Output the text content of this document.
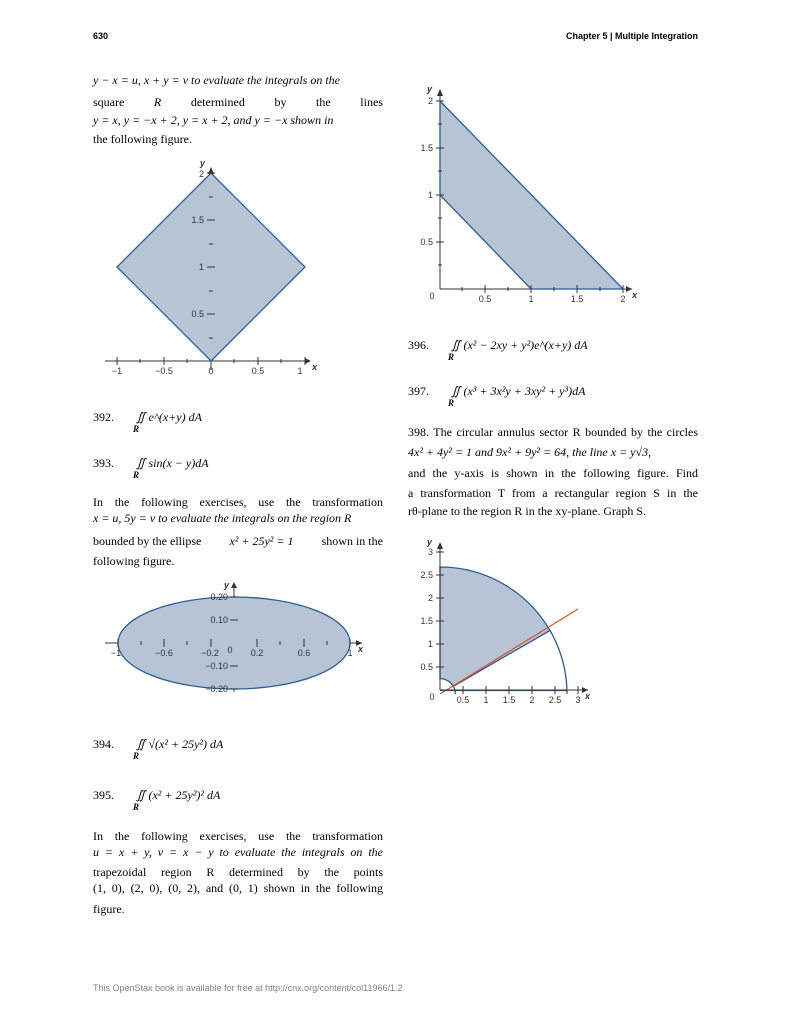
630	Chapter 5 | Multiple Integration
y − x = u, x + y = v to evaluate the integrals on the
square R determined by the lines
y = x, y = −x + 2, y = x + 2, and y = −x shown in
the following figure.
−1	−0.5	0	0.5	1 x
0.5
1
1.5
2
y
392. ∬ e^(x+y) dA
R
393. ∬ sin(x − y)dA
R
In the following exercises, use the transformation
x = u, 5y = v to evaluate the integrals on the region R
bounded by the ellipse x² + 25y² = 1 shown in the
following figure.
−1	−0.6	−0.2 0 0.2	0.6	1 x
0.20
0.10
−0.10
−0.20
y
394. ∬ √(x² + 25y²) dA
R
395. ∬ (x² + 25y²)² dA
R
In the following exercises, use the transformation
u = x + y, v = x − y to evaluate the integrals on the
trapezoidal region R determined by the points
(1, 0), (2, 0), (0, 2), and (0, 1) shown in the following
figure.
0	0.5	1	1.5	2 x
0.5
1
1.5
2
y
396. ∬ (x² − 2xy + y²)e^(x+y) dA
R
397. ∬ (x³ + 3x²y + 3xy² + y³)dA
R
398. The circular annulus sector R bounded by the circles
4x² + 4y² = 1 and 9x² + 9y² = 64, the line x = y√3,
and the y-axis is shown in the following figure. Find
a transformation T from a rectangular region S in the
rθ-plane to the region R in the xy-plane. Graph S.
0 0.5 1 1.5 2 2.5 3 x
0.5
1
1.5
2
2.5
3
y
This OpenStax book is available for free at http://cnx.org/content/col11966/1.2
